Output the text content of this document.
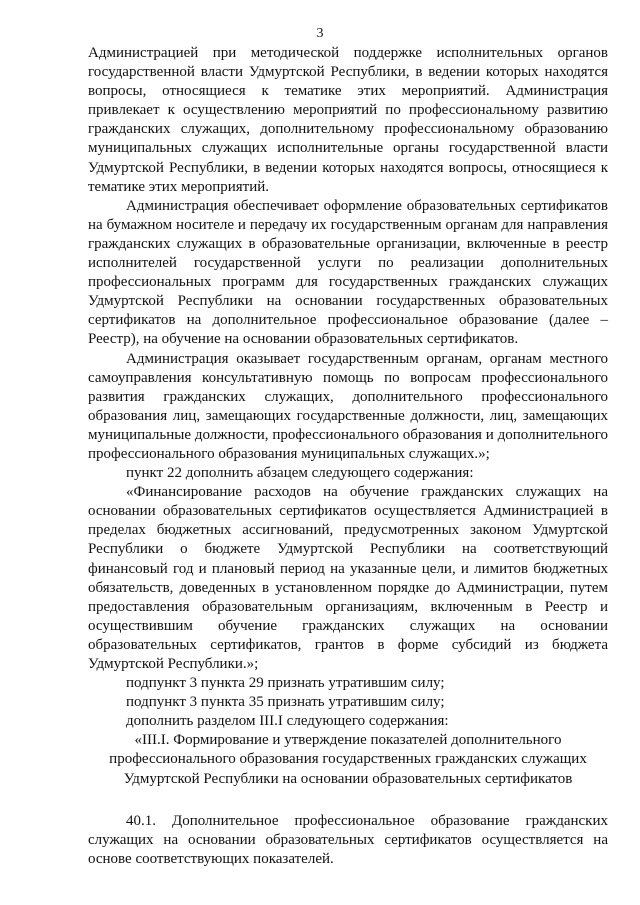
3

Администрацией при методической поддержке исполнительных органов государственной власти Удмуртской Республики, в ведении которых находятся вопросы, относящиеся к тематике этих мероприятий. Администрация привлекает к осуществлению мероприятий по профессиональному развитию гражданских служащих, дополнительному профессиональному образованию муниципальных служащих исполнительные органы государственной власти Удмуртской Республики, в ведении которых находятся вопросы, относящиеся к тематике этих мероприятий.

Администрация обеспечивает оформление образовательных сертификатов на бумажном носителе и передачу их государственным органам для направления гражданских служащих в образовательные организации, включенные в реестр исполнителей государственной услуги по реализации дополнительных профессиональных программ для государственных гражданских служащих Удмуртской Республики на основании государственных образовательных сертификатов на дополнительное профессиональное образование (далее – Реестр), на обучение на основании образовательных сертификатов.

Администрация оказывает государственным органам, органам местного самоуправления консультативную помощь по вопросам профессионального развития гражданских служащих, дополнительного профессионального образования лиц, замещающих государственные должности, лиц, замещающих муниципальные должности, профессионального образования и дополнительного профессионального образования муниципальных служащих.»;

пункт 22 дополнить абзацем следующего содержания:

«Финансирование расходов на обучение гражданских служащих на основании образовательных сертификатов осуществляется Администрацией в пределах бюджетных ассигнований, предусмотренных законом Удмуртской Республики о бюджете Удмуртской Республики на соответствующий финансовый год и плановый период на указанные цели, и лимитов бюджетных обязательств, доведенных в установленном порядке до Администрации, путем предоставления образовательным организациям, включенным в Реестр и осуществившим обучение гражданских служащих на основании образовательных сертификатов, грантов в форме субсидий из бюджета Удмуртской Республики.»;

подпункт 3 пункта 29 признать утратившим силу;

подпункт 3 пункта 35 признать утратившим силу;

дополнить разделом III.I следующего содержания:

«III.I. Формирование и утверждение показателей дополнительного
профессионального образования государственных гражданских служащих
Удмуртской Республики на основании образовательных сертификатов

40.1. Дополнительное профессиональное образование гражданских служащих на основании образовательных сертификатов осуществляется на основе соответствующих показателей.
